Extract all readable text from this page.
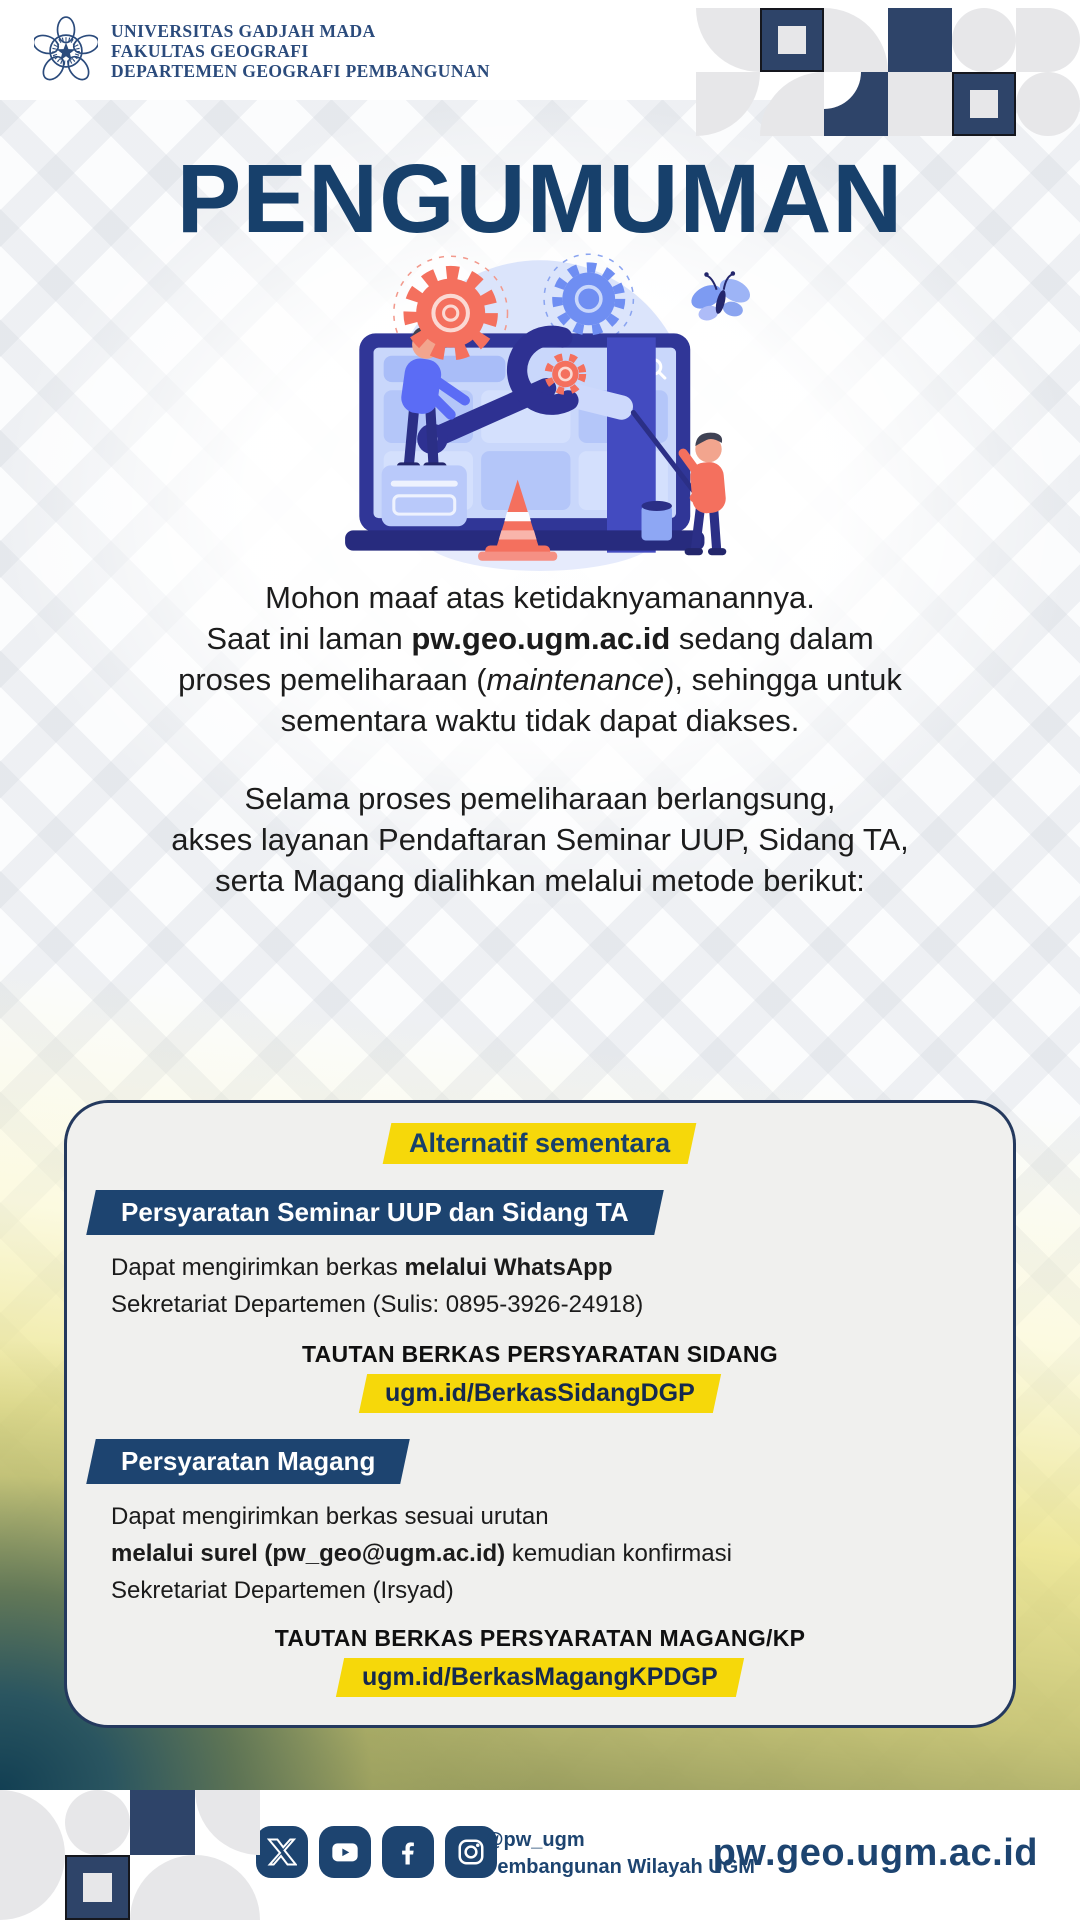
UNIVERSITAS GADJAH MADA
FAKULTAS GEOGRAFI
DEPARTEMEN GEOGRAFI PEMBANGUNAN
PENGUMUMAN
Mohon maaf atas ketidaknyamanannya.
Saat ini laman pw.geo.ugm.ac.id sedang dalam
proses pemeliharaan (maintenance), sehingga untuk
sementara waktu tidak dapat diakses.
Selama proses pemeliharaan berlangsung,
akses layanan Pendaftaran Seminar UUP, Sidang TA,
serta Magang dialihkan melalui metode berikut:
Alternatif sementara
Persyaratan Seminar UUP dan Sidang TA
Dapat mengirimkan berkas melalui WhatsApp
Sekretariat Departemen (Sulis: 0895-3926-24918)
TAUTAN BERKAS PERSYARATAN SIDANG
ugm.id/BerkasSidangDGP
Persyaratan Magang
Dapat mengirimkan berkas sesuai urutan
melalui surel (pw_geo@ugm.ac.id) kemudian konfirmasi
Sekretariat Departemen (Irsyad)
TAUTAN BERKAS PERSYARATAN MAGANG/KP
ugm.id/BerkasMagangKPDGP
@pw_ugm
Pembangunan Wilayah UGM
pw.geo.ugm.ac.id
